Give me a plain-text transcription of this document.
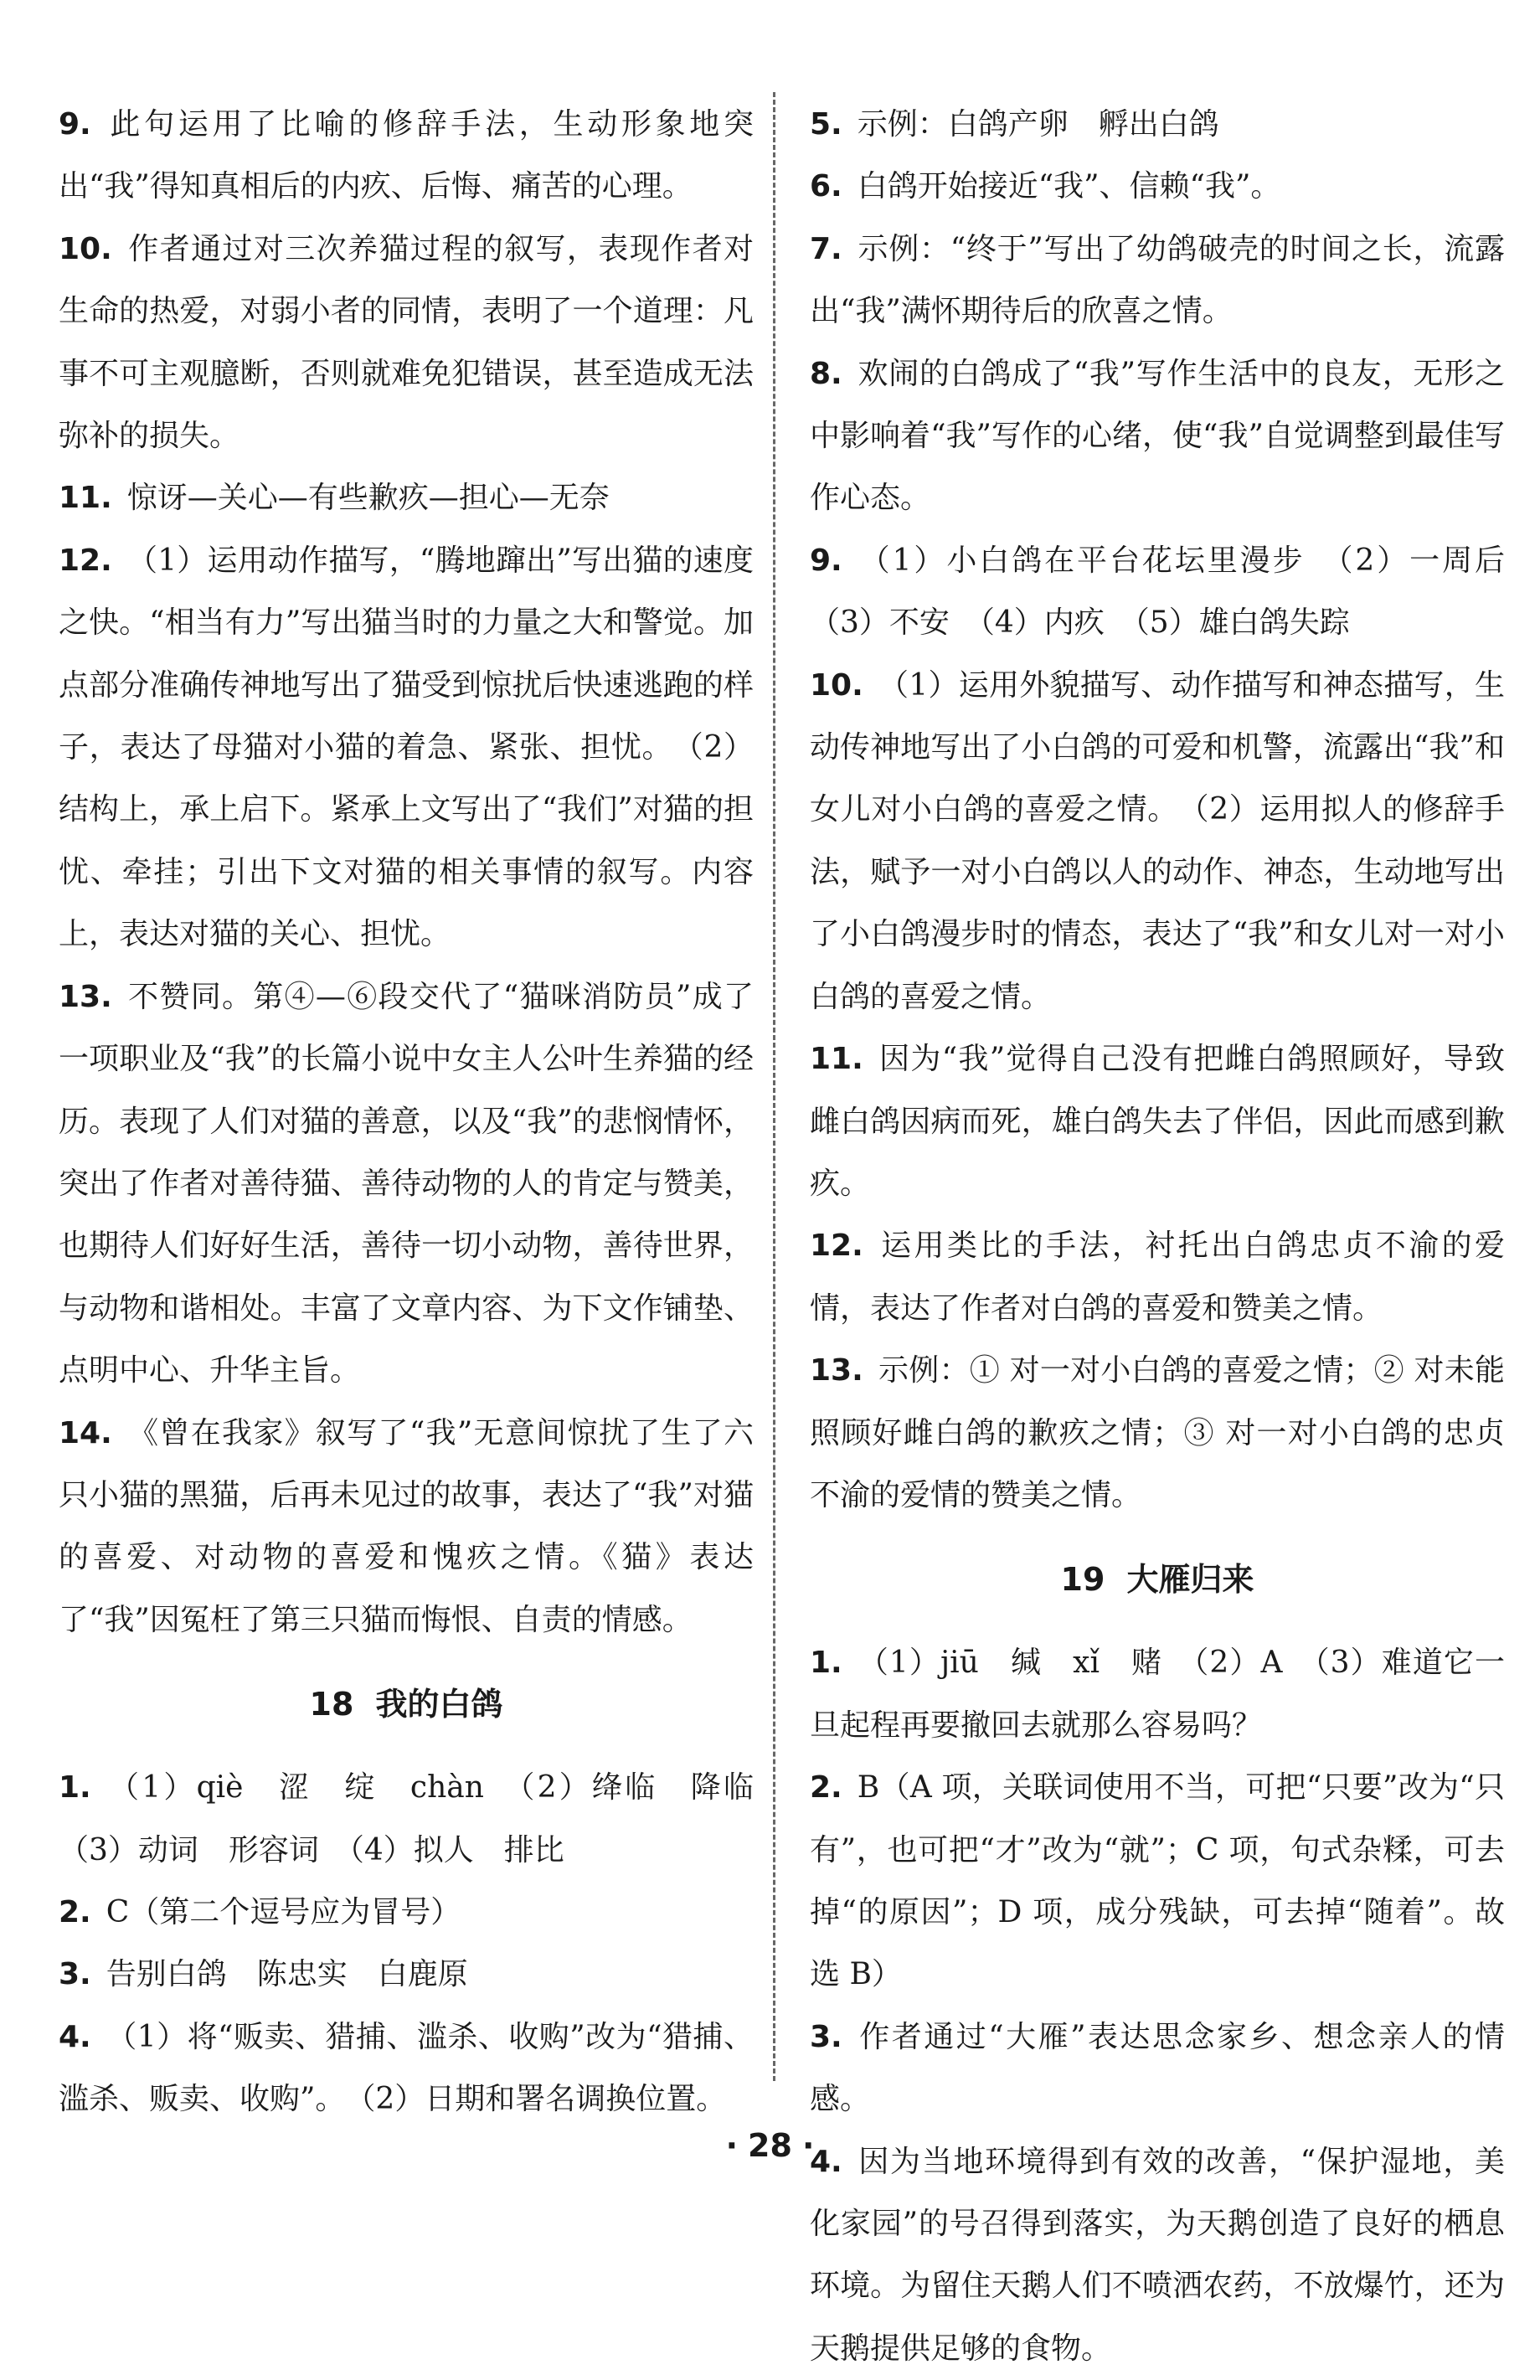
9. 此句运用了比喻的修辞手法，生动形象地突出“我”得知真相后的内疚、后悔、痛苦的心理。

10. 作者通过对三次养猫过程的叙写，表现作者对生命的热爱，对弱小者的同情，表明了一个道理：凡事不可主观臆断，否则就难免犯错误，甚至造成无法弥补的损失。

11. 惊讶—关心—有些歉疚—担心—无奈

12. （1）运用动作描写，“腾地蹿出”写出猫的速度之快。“相当有力”写出猫当时的力量之大和警觉。加点部分准确传神地写出了猫受到惊扰后快速逃跑的样子，表达了母猫对小猫的着急、紧张、担忧。　（2）结构上，承上启下。紧承上文写出了“我们”对猫的担忧、牵挂；引出下文对猫的相关事情的叙写。内容上，表达对猫的关心、担忧。

13. 不赞同。第④—⑥段交代了“猫咪消防员”成了一项职业及“我”的长篇小说中女主人公叶生养猫的经历。表现了人们对猫的善意，以及“我”的悲悯情怀，突出了作者对善待猫、善待动物的人的肯定与赞美，也期待人们好好生活，善待一切小动物，善待世界，与动物和谐相处。丰富了文章内容、为下文作铺垫、点明中心、升华主旨。

14. 《曾在我家》叙写了“我”无意间惊扰了生了六只小猫的黑猫，后再未见过的故事，表达了“我”对猫的喜爱、对动物的喜爱和愧疚之情。《猫》表达了“我”因冤枉了第三只猫而悔恨、自责的情感。

18 我的白鸽

1. （1）qiè　涩　绽　chàn　（2）绛临　降临　（3）动词　形容词　（4）拟人　排比

2. C（第二个逗号应为冒号）

3. 告别白鸽　陈忠实　白鹿原

4. （1）将“贩卖、猎捕、滥杀、收购”改为“猎捕、滥杀、贩卖、收购”。　（2）日期和署名调换位置。

5. 示例：白鸽产卵　孵出白鸽

6. 白鸽开始接近“我”、信赖“我”。

7. 示例：“终于”写出了幼鸽破壳的时间之长，流露出“我”满怀期待后的欣喜之情。

8. 欢闹的白鸽成了“我”写作生活中的良友，无形之中影响着“我”写作的心绪，使“我”自觉调整到最佳写作心态。

9. （1）小白鸽在平台花坛里漫步　（2）一周后　（3）不安　（4）内疚　（5）雄白鸽失踪

10. （1）运用外貌描写、动作描写和神态描写，生动传神地写出了小白鸽的可爱和机警，流露出“我”和女儿对小白鸽的喜爱之情。　（2）运用拟人的修辞手法，赋予一对小白鸽以人的动作、神态，生动地写出了小白鸽漫步时的情态，表达了“我”和女儿对一对小白鸽的喜爱之情。

11. 因为“我”觉得自己没有把雌白鸽照顾好，导致雌白鸽因病而死，雄白鸽失去了伴侣，因此而感到歉疚。

12. 运用类比的手法，衬托出白鸽忠贞不渝的爱情，表达了作者对白鸽的喜爱和赞美之情。

13. 示例：① 对一对小白鸽的喜爱之情；② 对未能照顾好雌白鸽的歉疚之情；③ 对一对小白鸽的忠贞不渝的爱情的赞美之情。

19 大雁归来

1. （1）jiū　缄　xǐ　赌　（2）A　（3）难道它一旦起程再要撤回去就那么容易吗？

2. B（A 项，关联词使用不当，可把“只要”改为“只有”，也可把“才”改为“就”；C 项，句式杂糅，可去掉“的原因”；D 项，成分残缺，可去掉“随着”。故选 B）

3. 作者通过“大雁”表达思念家乡、想念亲人的情感。

4. 因为当地环境得到有效的改善，“保护湿地，美化家园”的号召得到落实，为天鹅创造了良好的栖息环境。为留住天鹅人们不喷洒农药，不放爆竹，还为天鹅提供足够的食物。

· 28 ·
